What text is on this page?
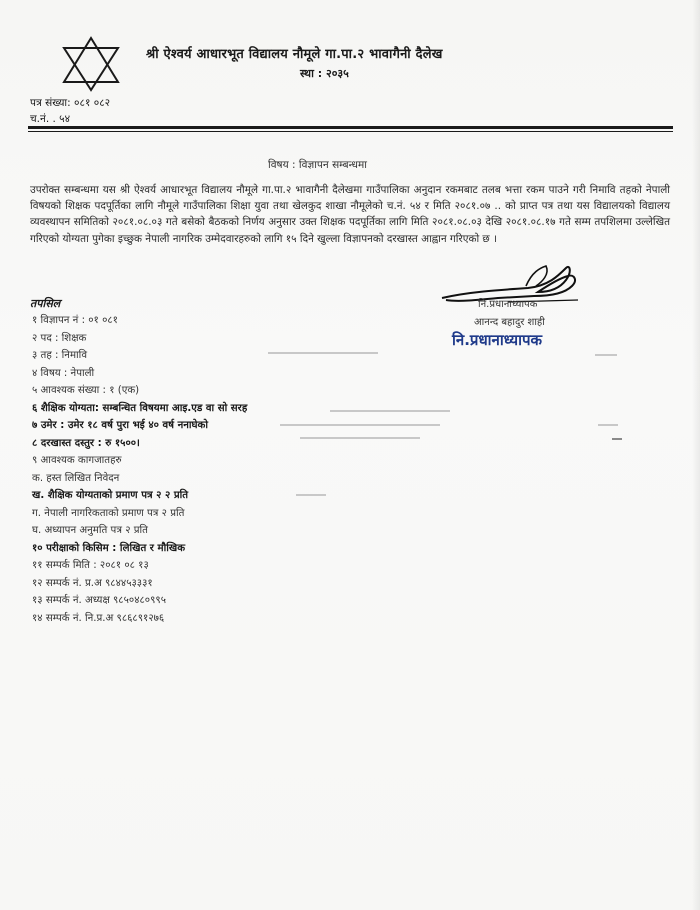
श्री ऐश्वर्य आधारभूत विद्यालय नौमूले गा.पा.२ भावागैनी दैलेख
स्था : २०३५
पत्र संख्या: ०८१ ०८२
च.नं. . ५४
विषय : विज्ञापन सम्बन्धमा
उपरोक्त सम्बन्धमा यस श्री ऐश्वर्य आधारभूत विद्यालय नौमूले गा.पा.२ भावागैनी दैलेखमा गाउँपालिका अनुदान रकमबाट तलब भत्ता रकम पाउने गरी निमावि तहको नेपाली विषयको शिक्षक पदपूर्तिका लागि नौमूले गाउँपालिका शिक्षा युवा तथा खेलकुद शाखा नौमूलेको च.नं. ५४ र मिति २०८१.०७ .. को प्राप्त पत्र तथा यस विद्यालयको विद्यालय व्यवस्थापन समितिको २०८१.०८.०३ गते बसेको बैठकको निर्णय अनुसार उक्त शिक्षक पदपूर्तिका लागि मिति २०८१.०८.०३ देखि २०८१.०८.१७ गते सम्म तपशिलमा उल्लेखित गरिएको योग्यता पुगेका इच्छुक नेपाली नागरिक उम्मेदवारहरुको लागि १५ दिने खुल्ला विज्ञापनको दरखास्त आह्वान गरिएको छ ।
नि.प्रधानाध्यापक
आनन्द बहादुर शाही
नि.प्रधानाध्यापक
तपसिल
१ विज्ञापन नं : ०१ ०८१
२ पद : शिक्षक
३ तह : निमावि
४ विषय : नेपाली
५ आवश्यक संख्या : १ (एक)
६ शैक्षिक योग्यता: सम्बन्धित विषयमा आइ.एड वा सो सरह
७ उमेर : उमेर १८ वर्ष पुरा भई ४० वर्ष ननाघेको
८ दरखास्त दस्तुर : रु १५००।
९ आवश्यक कागजातहरु
क. हस्त लिखित निवेदन
ख. शैक्षिक योग्यताको प्रमाण पत्र २ २ प्रति
ग. नेपाली नागरिकताको प्रमाण पत्र २ प्रति
घ. अध्यापन अनुमति पत्र २ प्रति
१० परीक्षाको किसिम : लिखित र मौखिक
११ सम्पर्क मिति : २०८१ ०८ १३
१२ सम्पर्क नं. प्र.अ ९८४४५३३३१
१३ सम्पर्क नं. अध्यक्ष ९८५०४८०९९५
१४ सम्पर्क नं. नि.प्र.अ ९८६८९१२७६
